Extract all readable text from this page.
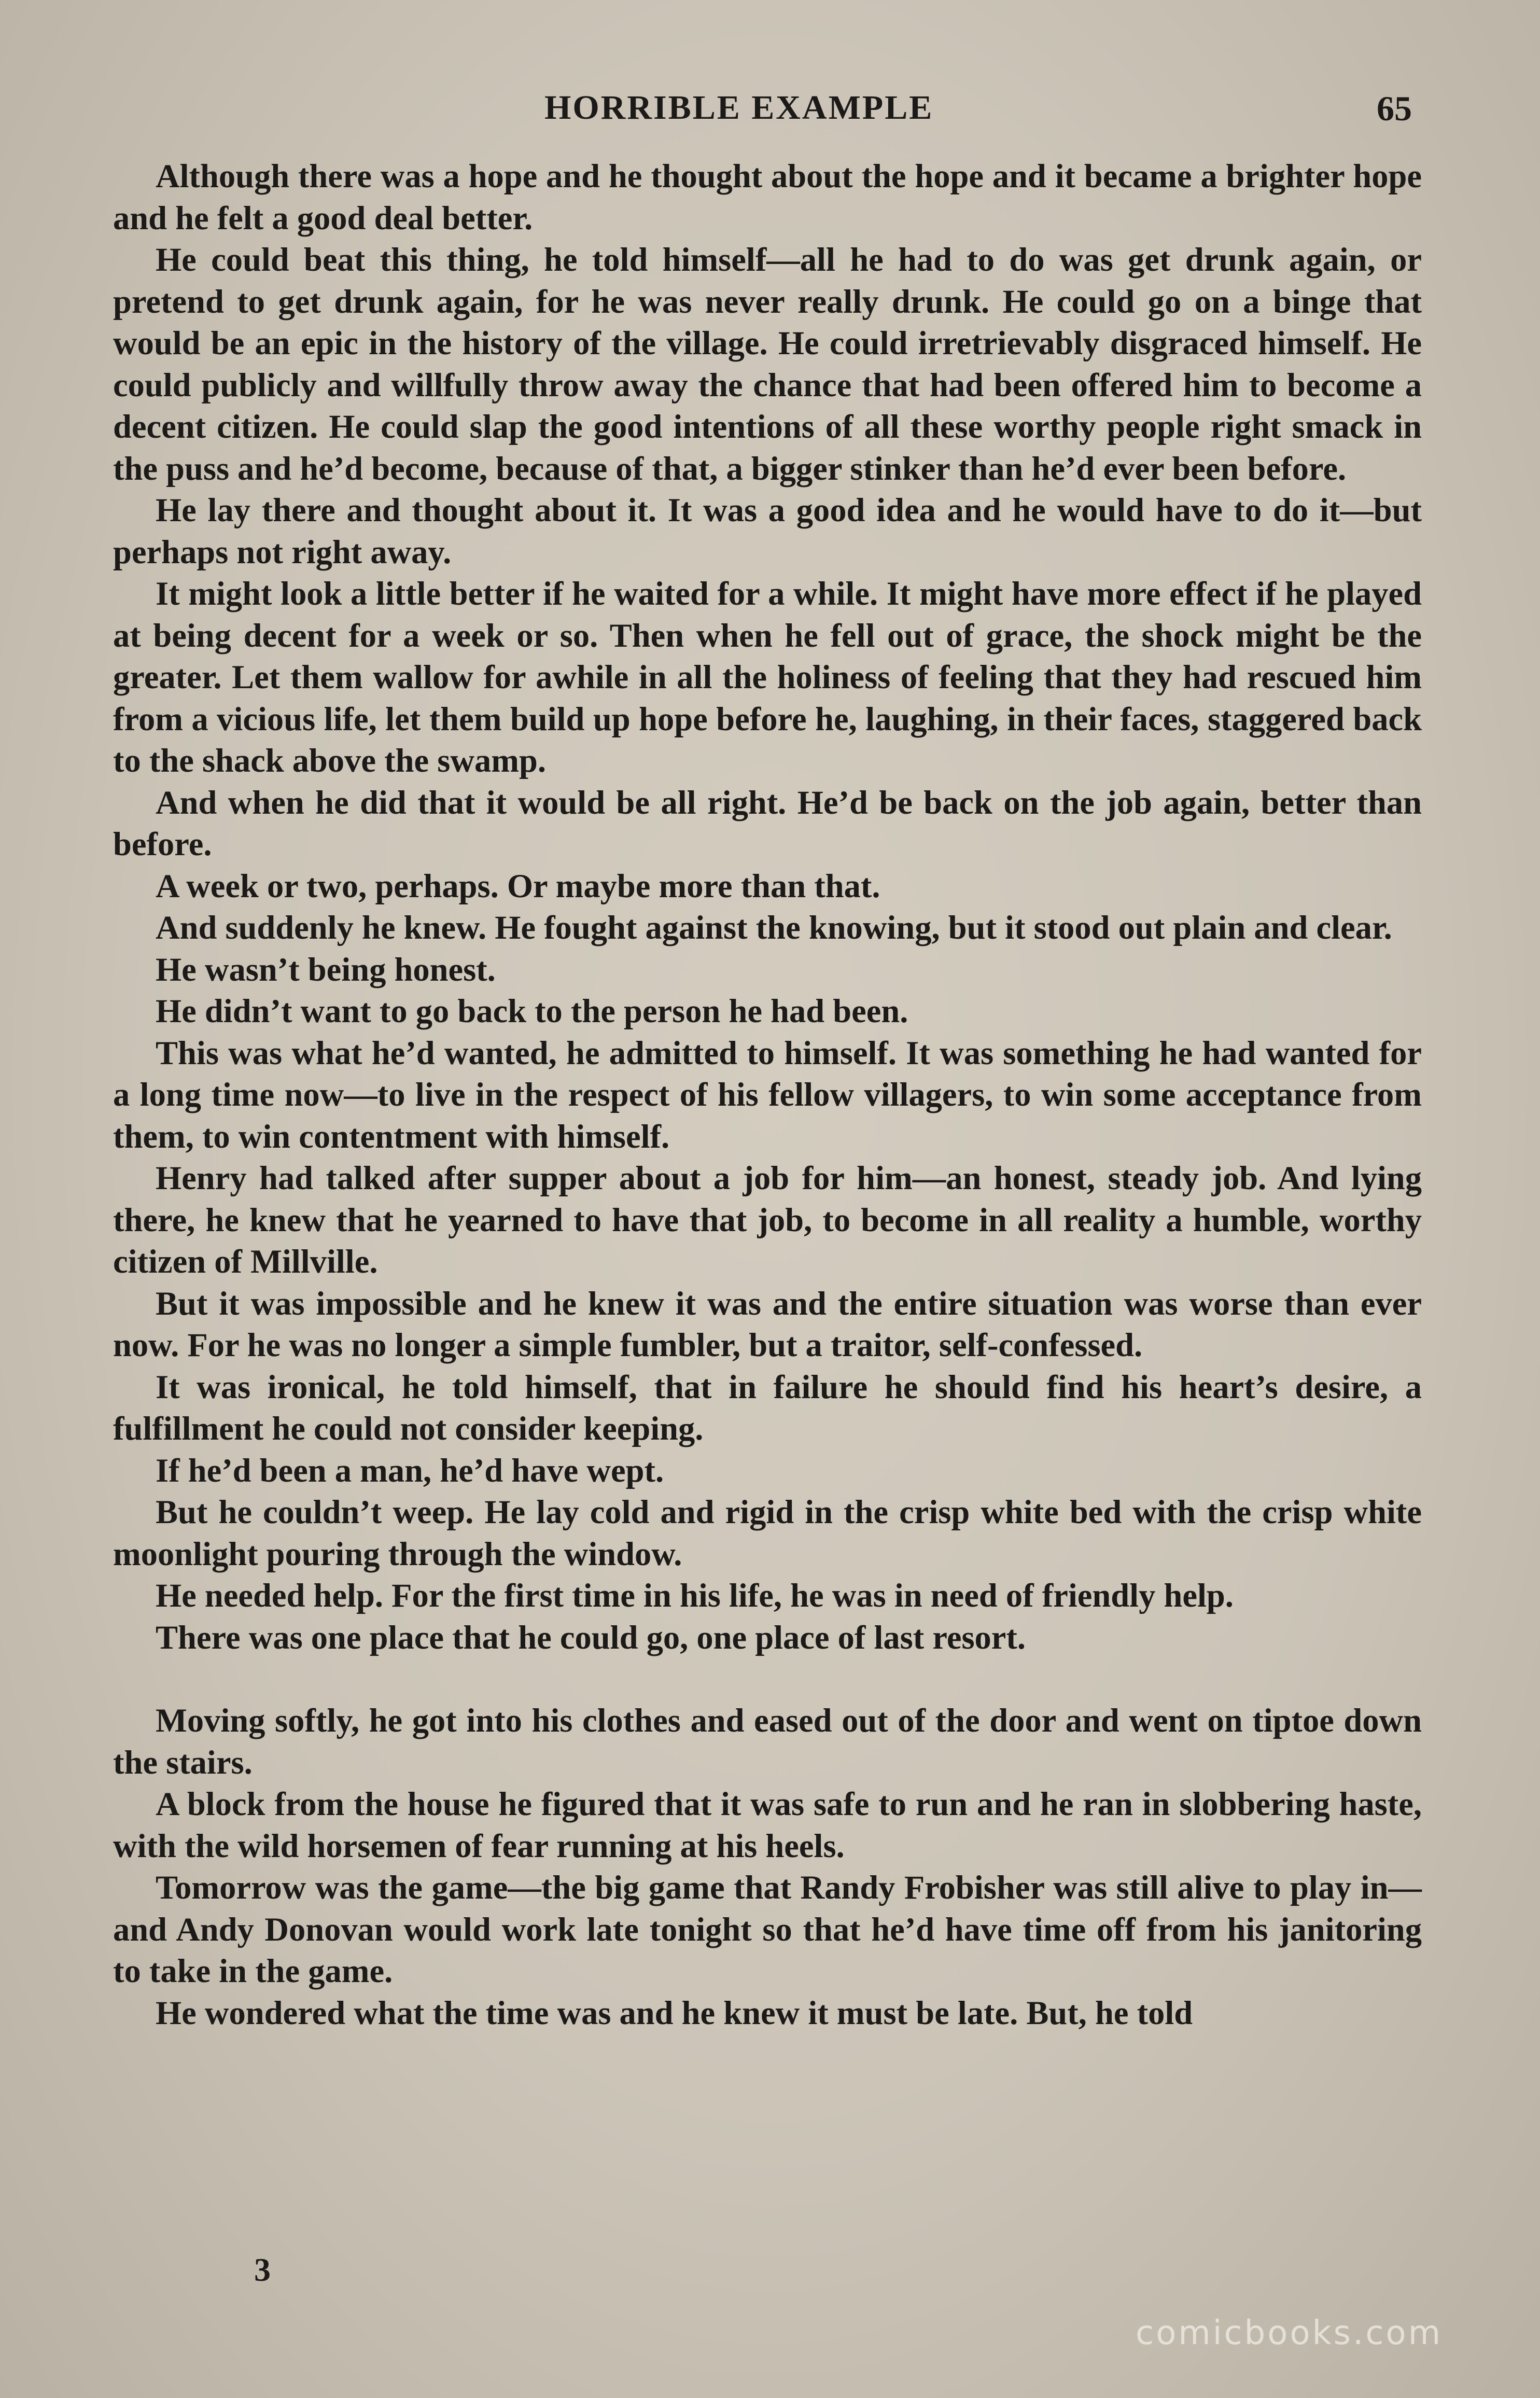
HORRIBLE EXAMPLE	65

Although there was a hope and he thought about the hope and it became a brighter hope and he felt a good deal better.

He could beat this thing, he told himself—all he had to do was get drunk again, or pretend to get drunk again, for he was never really drunk. He could go on a binge that would be an epic in the history of the village. He could irretrievably disgraced himself. He could publicly and willfully throw away the chance that had been offered him to become a decent citizen. He could slap the good intentions of all these worthy people right smack in the puss and he’d become, because of that, a bigger stinker than he’d ever been before.

He lay there and thought about it. It was a good idea and he would have to do it—but perhaps not right away.

It might look a little better if he waited for a while. It might have more effect if he played at being decent for a week or so. Then when he fell out of grace, the shock might be the greater. Let them wallow for awhile in all the holiness of feeling that they had rescued him from a vicious life, let them build up hope before he, laughing, in their faces, staggered back to the shack above the swamp.

And when he did that it would be all right. He’d be back on the job again, better than before.

A week or two, perhaps. Or maybe more than that.

And suddenly he knew. He fought against the knowing, but it stood out plain and clear.

He wasn’t being honest.

He didn’t want to go back to the person he had been.

This was what he’d wanted, he admitted to himself. It was something he had wanted for a long time now—to live in the respect of his fellow villagers, to win some acceptance from them, to win contentment with himself.

Henry had talked after supper about a job for him—an honest, steady job. And lying there, he knew that he yearned to have that job, to become in all reality a humble, worthy citizen of Millville.

But it was impossible and he knew it was and the entire situation was worse than ever now. For he was no longer a simple fumbler, but a traitor, self-confessed.

It was ironical, he told himself, that in failure he should find his heart’s desire, a fulfillment he could not consider keeping.

If he’d been a man, he’d have wept.

But he couldn’t weep. He lay cold and rigid in the crisp white bed with the crisp white moonlight pouring through the window.

He needed help. For the first time in his life, he was in need of friendly help.

There was one place that he could go, one place of last resort.

Moving softly, he got into his clothes and eased out of the door and went on tiptoe down the stairs.

A block from the house he figured that it was safe to run and he ran in slobbering haste, with the wild horsemen of fear running at his heels.

Tomorrow was the game—the big game that Randy Frobisher was still alive to play in—and Andy Donovan would work late tonight so that he’d have time off from his janitoring to take in the game.

He wondered what the time was and he knew it must be late. But, he told

3
comicbooks.com
